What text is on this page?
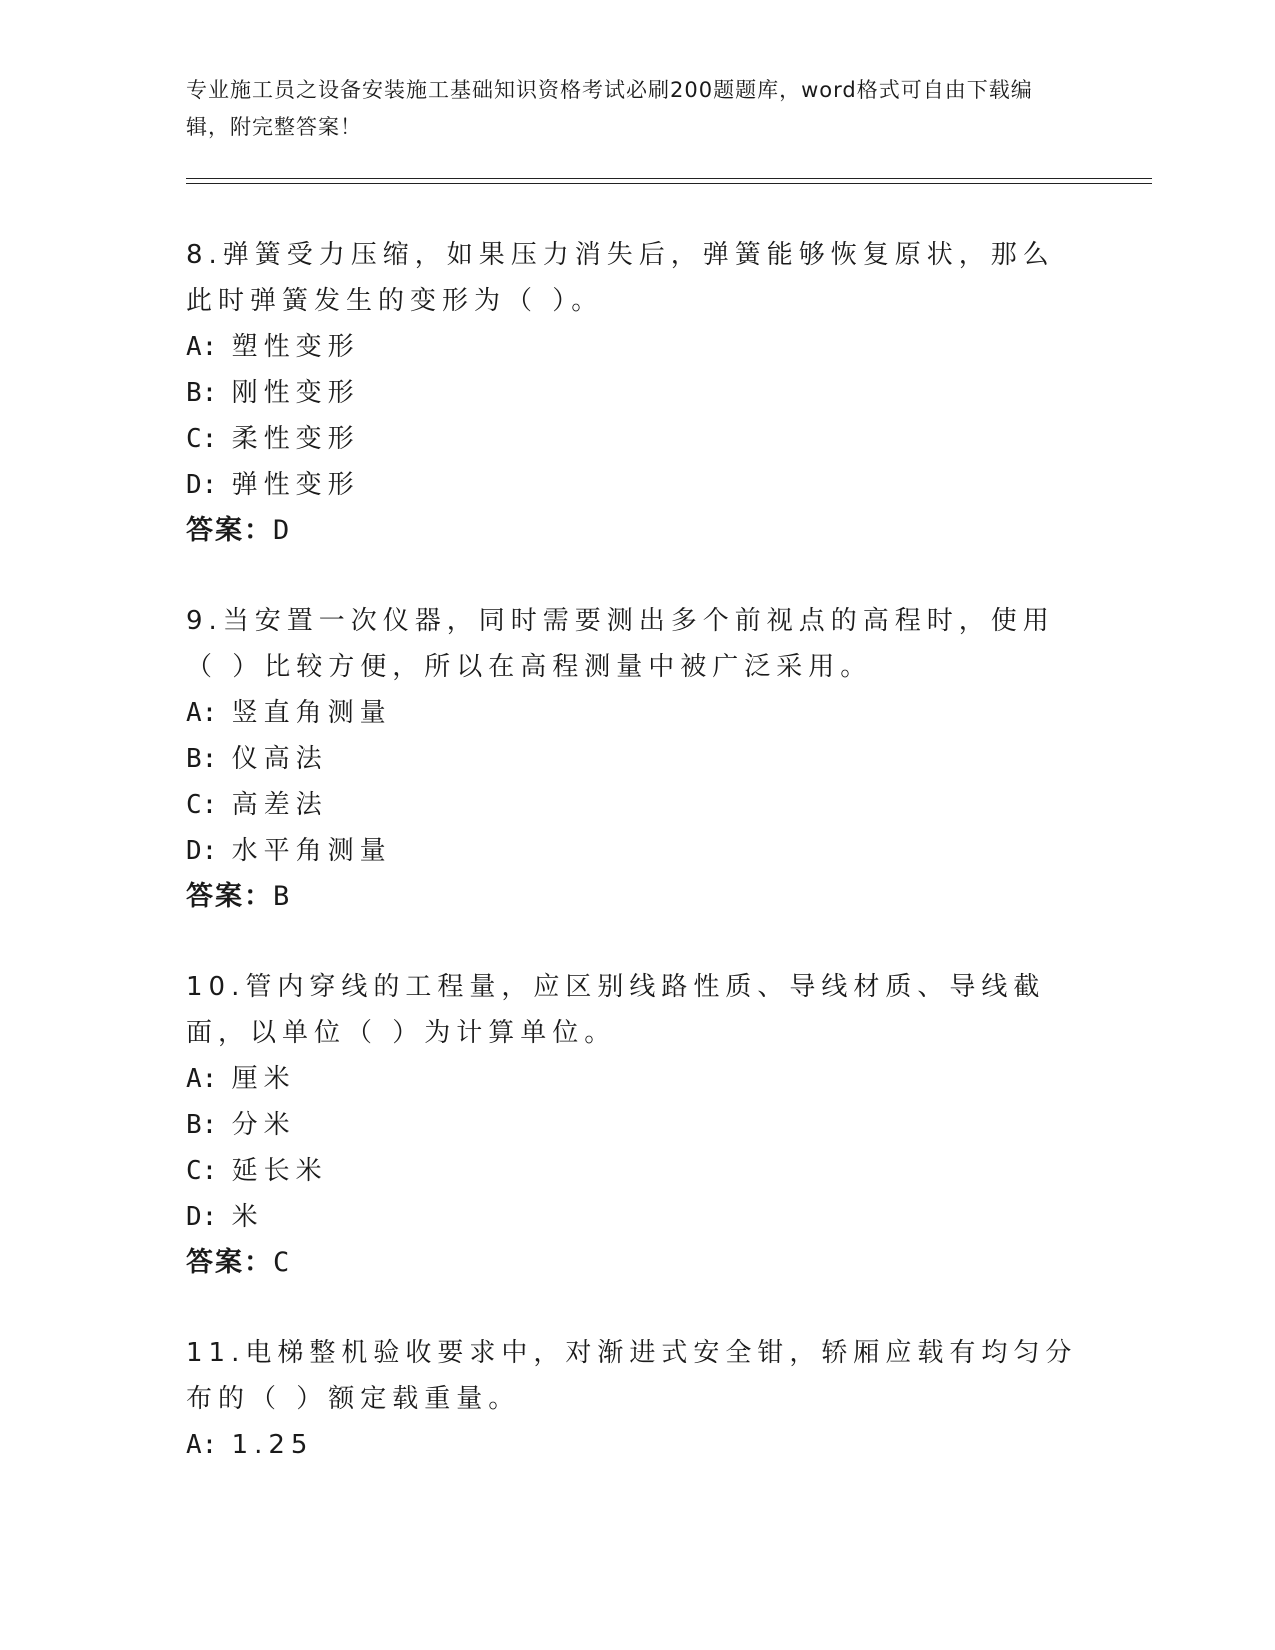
专业施工员之设备安装施工基础知识资格考试必刷200题题库，word格式可自由下载编辑，附完整答案！

8.弹簧受力压缩，如果压力消失后，弹簧能够恢复原状，那么此时弹簧发生的变形为（ ）。

A: 塑性变形

B: 刚性变形

C: 柔性变形

D: 弹性变形

答案：D

9.当安置一次仪器，同时需要测出多个前视点的高程时，使用（ ）比较方便，所以在高程测量中被广泛采用。

A: 竖直角测量

B: 仪高法

C: 高差法

D: 水平角测量

答案：B

10.管内穿线的工程量，应区别线路性质、导线材质、导线截面，以单位（ ）为计算单位。

A: 厘米

B: 分米

C: 延长米

D: 米

答案：C

11.电梯整机验收要求中，对渐进式安全钳，轿厢应载有均匀分布的（ ）额定载重量。

A: 1.25
